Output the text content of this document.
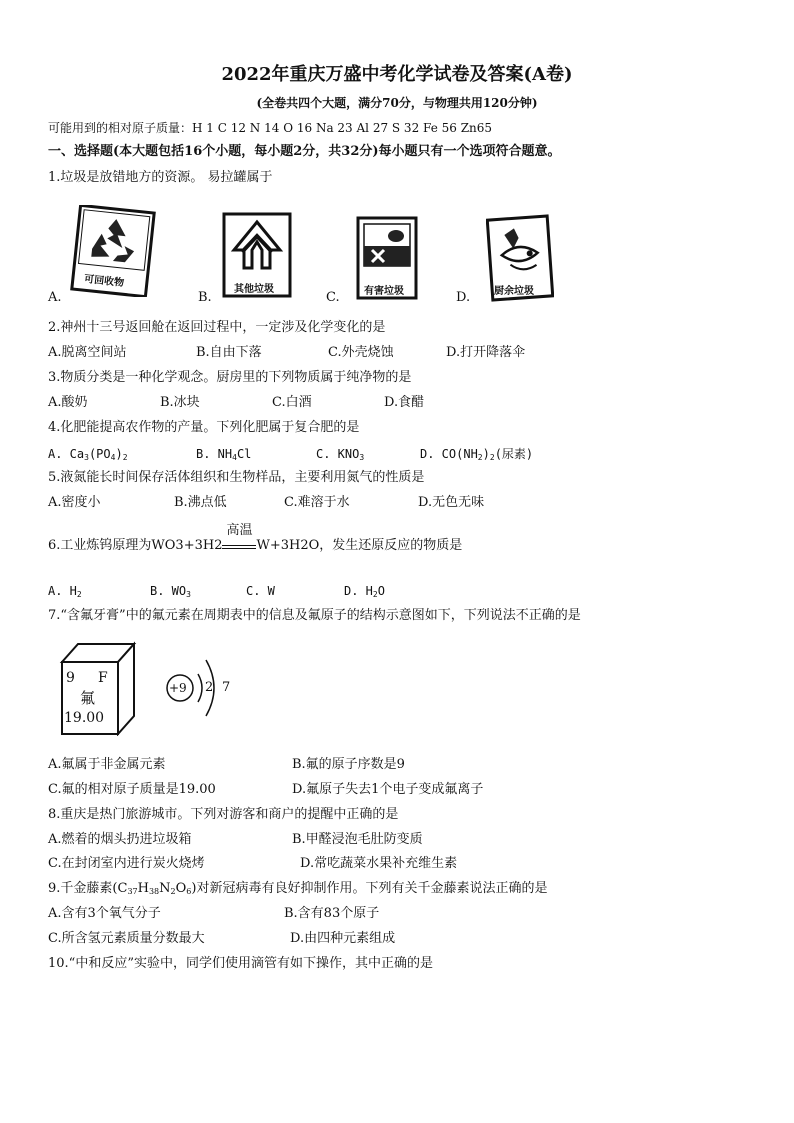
2022年重庆万盛中考化学试卷及答案(A卷)
(全卷共四个大题，满分70分，与物理共用120分钟)
可能用到的相对原子质量：H 1 C 12 N 14 O 16 Na 23 Al 27 S 32 Fe 56 Zn65
一、选择题(本大题包括16个小题，每小题2分，共32分)每小题只有一个选项符合题意。
1.垃圾是放错地方的资源。 易拉罐属于
A.
可回收物
B.
其他垃圾
C. 有害垃圾	D. 厨余垃圾
2.神州十三号返回舱在返回过程中，一定涉及化学变化的是
A.脱离空间站	B.自由下落	C.外壳烧蚀	D.打开降落伞
3.物质分类是一种化学观念。厨房里的下列物质属于纯净物的是
A.酸奶	B.冰块	C.白酒	D.食醋
4.化肥能提高农作物的产量。下列化肥属于复合肥的是
A. $Ca_3(PO_4)_2$	B. $NH_4Cl$	C. $KNO_3$	D. $CO(NH_2)_2$(尿素)
5.液氮能长时间保存活体组织和生物样品，主要利用氮气的性质是
A.密度小	B.沸点低	C.难溶于水	D.无色无味
6.工业炼钨原理为WO3+3H2
高温
W+3H2O，发生还原反应的物质是
A. $H_2$	B. $WO_3$	C. W	D. $H_2O$
7.“含氟牙膏”中的氟元素在周期表中的信息及氟原子的结构示意图如下，下列说法不正确的是
9 F
氟
19.00
+9 2 7
A.氟属于非金属元素	B.氟的原子序数是9
C.氟的相对原子质量是19.00	D.氟原子失去1个电子变成氟离子
8.重庆是热门旅游城市。下列对游客和商户的提醒中正确的是
A.燃着的烟头扔进垃圾箱	B.甲醛浸泡毛肚防变质
C.在封闭室内进行炭火烧烤	D.常吃蔬菜水果补充维生素
9.千金藤素$(C_{37}H_{38}N_2O_6)$对新冠病毒有良好抑制作用。下列有关千金藤素说法正确的是
A.含有3个氧气分子	B.含有83个原子
C.所含氢元素质量分数最大	D.由四种元素组成
10.“中和反应”实验中，同学们使用滴管有如下操作，其中正确的是
